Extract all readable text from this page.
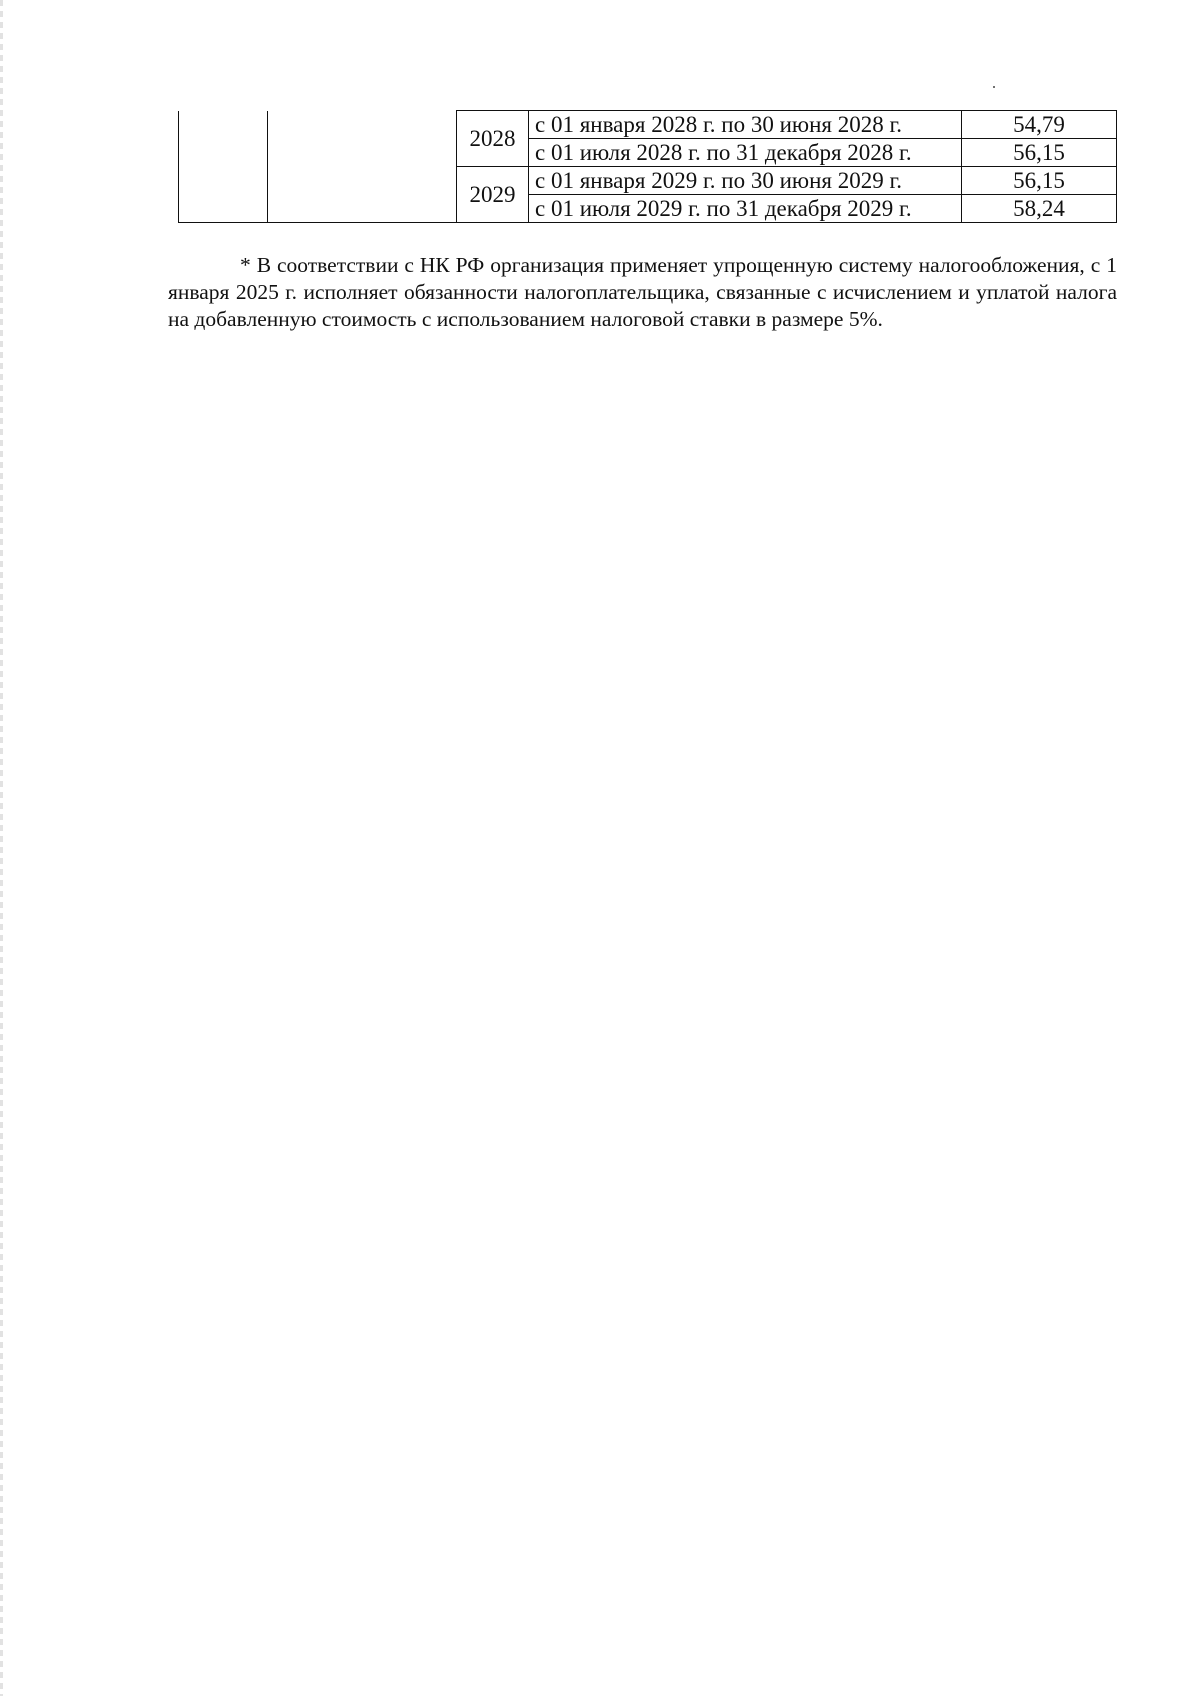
		2028	с 01 января 2028 г. по 30 июня 2028 г.	54,79
			с 01 июля 2028 г. по 31 декабря 2028 г.	56,15
		2029	с 01 января 2029 г. по 30 июня 2029 г.	56,15
			с 01 июля 2029 г. по 31 декабря 2029 г.	58,24

* В соответствии с НК РФ организация применяет упрощенную систему налогообложения, с 1 января 2025 г. исполняет обязанности налогоплательщика, связанные с исчислением и уплатой налога на добавленную стоимость с использованием налоговой ставки в размере 5%.
